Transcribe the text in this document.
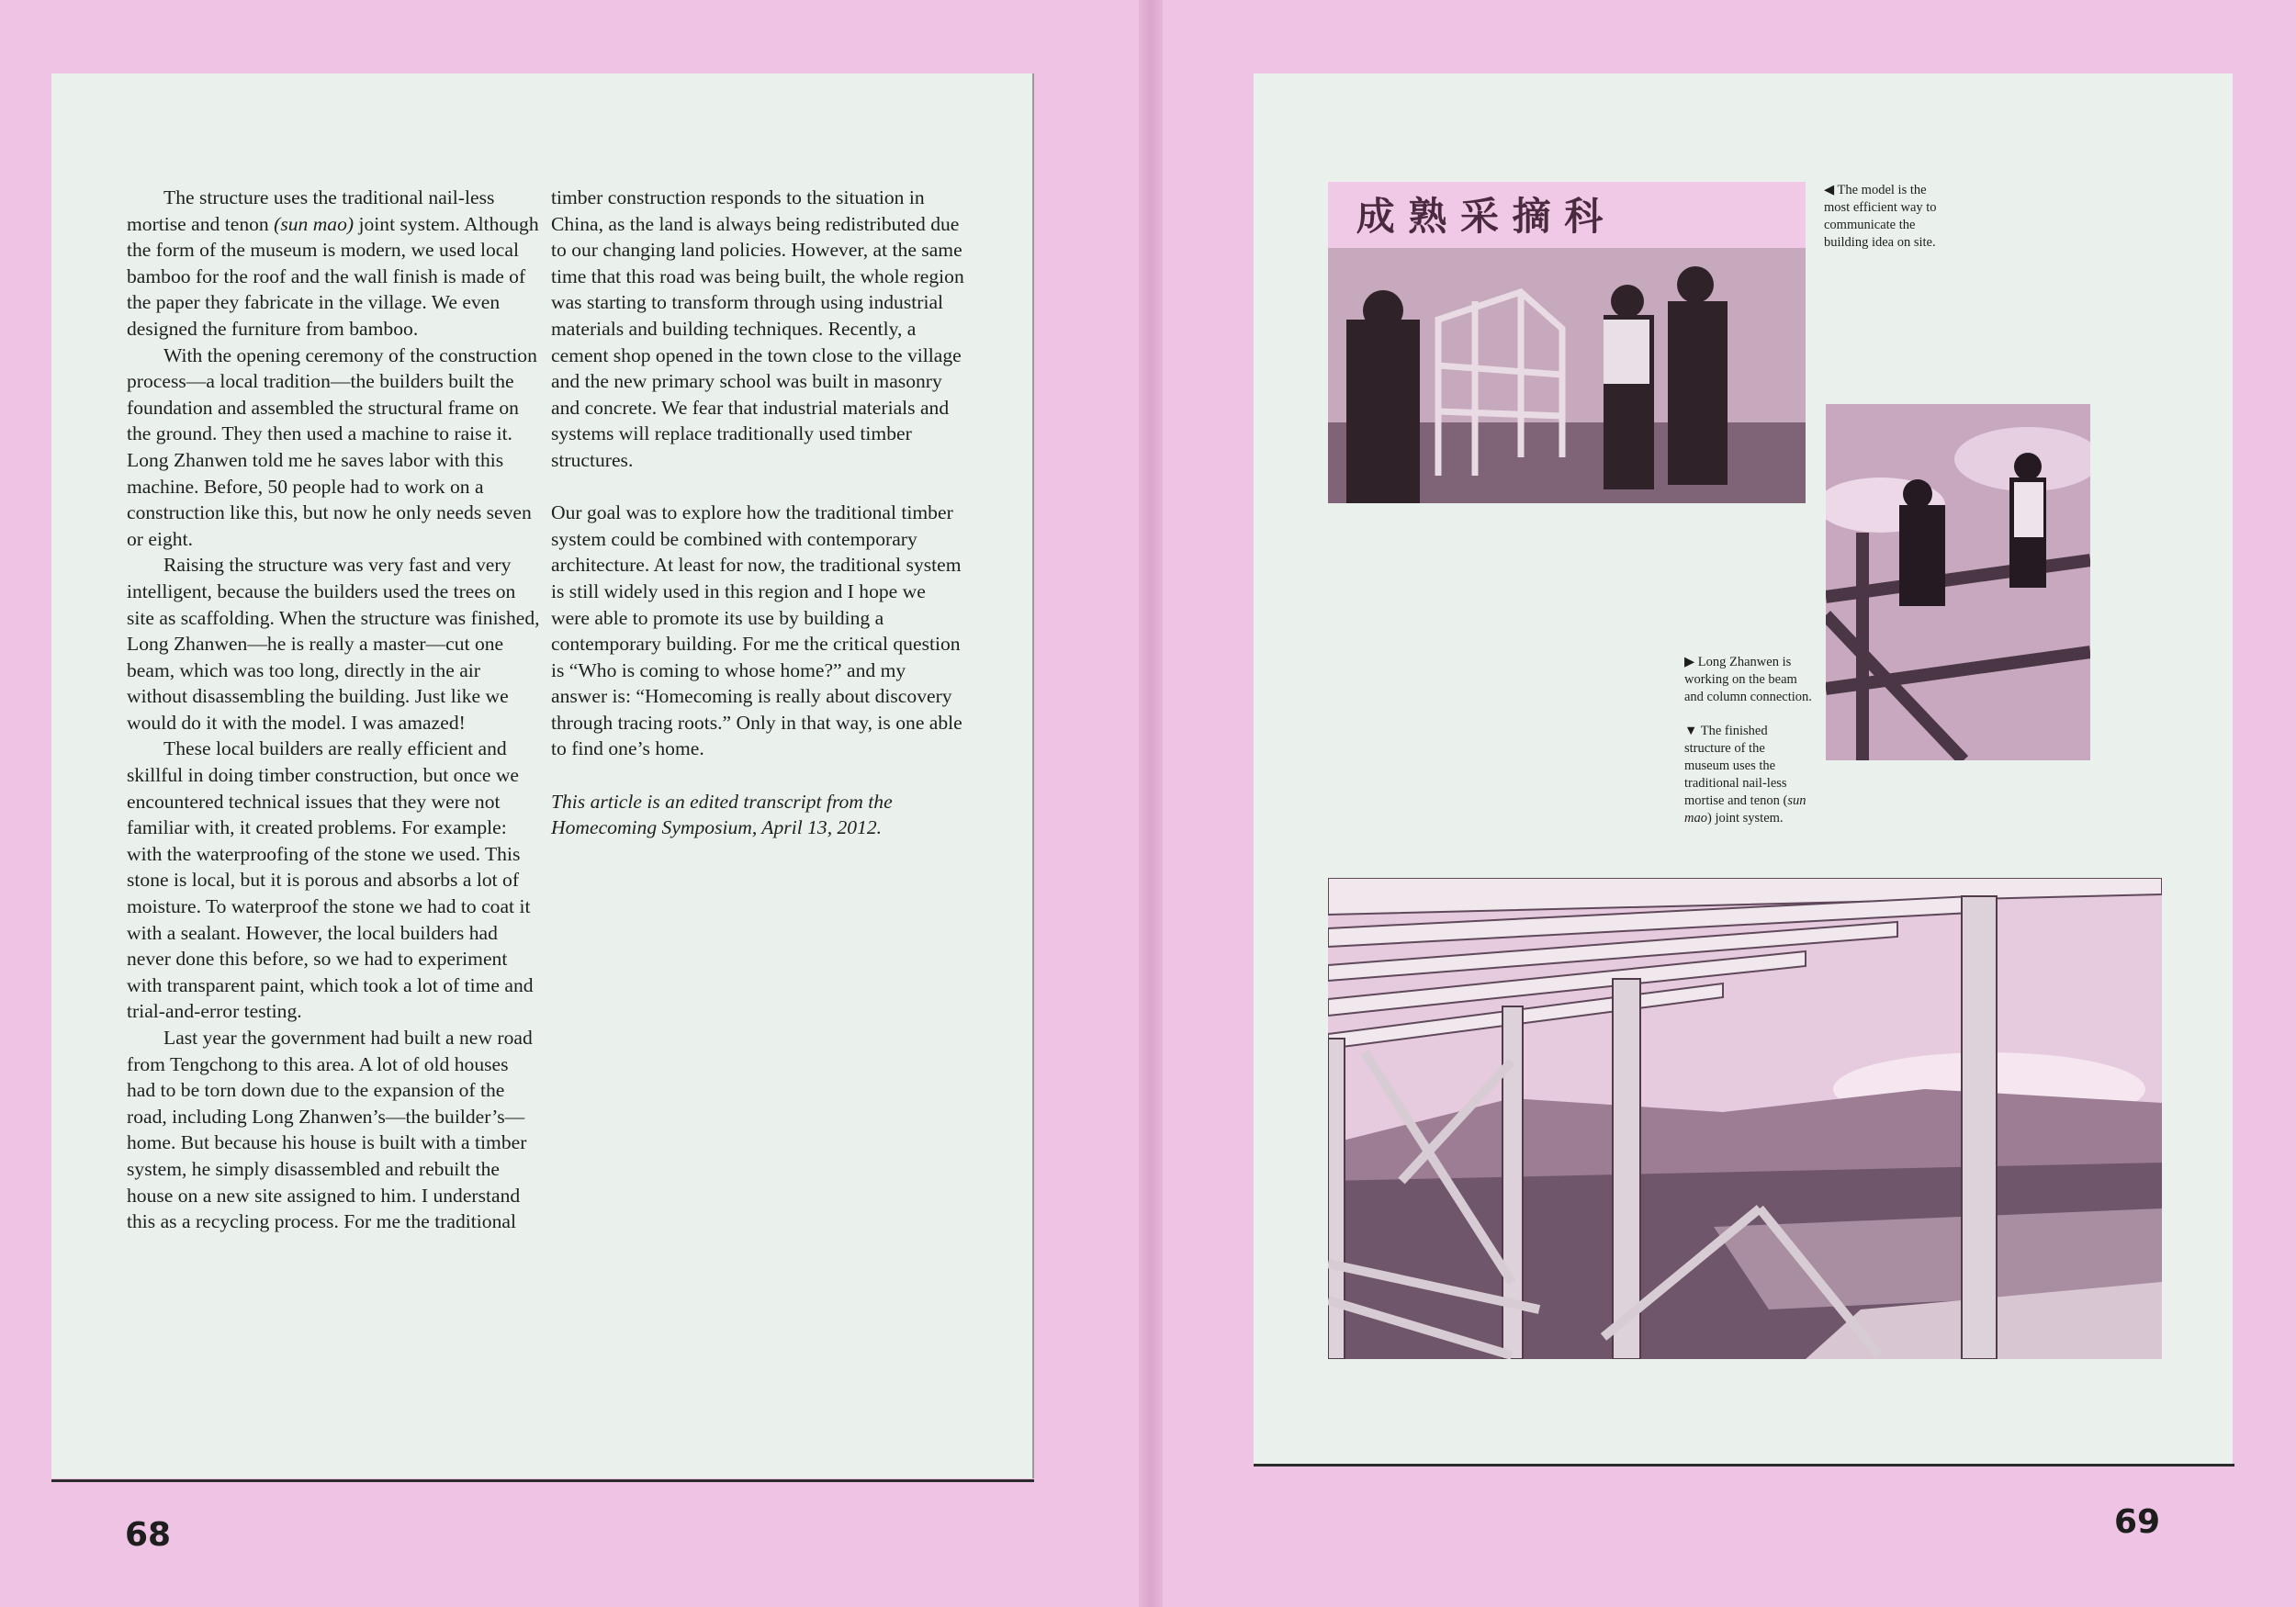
68

The structure uses the traditional nail-less mortise and tenon (sun mao) joint system. Although the form of the museum is modern, we used local bamboo for the roof and the wall finish is made of the paper they fabricate in the village. We even designed the furniture from bamboo.

With the opening ceremony of the construction process—a local tradition—the builders built the foundation and assembled the structural frame on the ground. They then used a machine to raise it. Long Zhanwen told me he saves labor with this machine. Before, 50 people had to work on a construction like this, but now he only needs seven or eight.

Raising the structure was very fast and very intelligent, because the builders used the trees on site as scaffolding. When the structure was finished, Long Zhanwen—he is really a master—cut one beam, which was too long, directly in the air without disassembling the building. Just like we would do it with the model. I was amazed!

These local builders are really efficient and skillful in doing timber construction, but once we encountered technical issues that they were not familiar with, it created problems. For example: with the waterproofing of the stone we used. This stone is local, but it is porous and absorbs a lot of moisture. To waterproof the stone we had to coat it with a sealant. However, the local builders had never done this before, so we had to experiment with transparent paint, which took a lot of time and trial-and-error testing.

Last year the government had built a new road from Tengchong to this area. A lot of old houses had to be torn down due to the expansion of the road, including Long Zhanwen’s—the builder’s—home. But because his house is built with a timber system, he simply disassembled and rebuilt the house on a new site assigned to him. I understand this as a recycling process. For me the traditional

timber construction responds to the situation in China, as the land is always being redistributed due to our changing land policies. However, at the same time that this road was being built, the whole region was starting to transform through using industrial materials and building techniques. Recently, a cement shop opened in the town close to the village and the new primary school was built in masonry and concrete. We fear that industrial materials and systems will replace traditionally used timber structures.

Our goal was to explore how the traditional timber system could be combined with contemporary architecture. At least for now, the traditional system is still widely used in this region and I hope we were able to promote its use by building a contemporary building. For me the critical question is “Who is coming to whose home?” and my answer is: “Homecoming is really about discovery through tracing roots.” Only in that way, is one able to find one’s home.

This article is an edited transcript from the Homecoming Symposium, April 13, 2012.

69
成 熟 采 摘 科

◀ The model is the most efficient way to communicate the building idea on site.

▶ Long Zhanwen is working on the beam and column connection.

▼ The finished structure of the museum uses the traditional nail-less mortise and tenon (sun mao) joint system.
